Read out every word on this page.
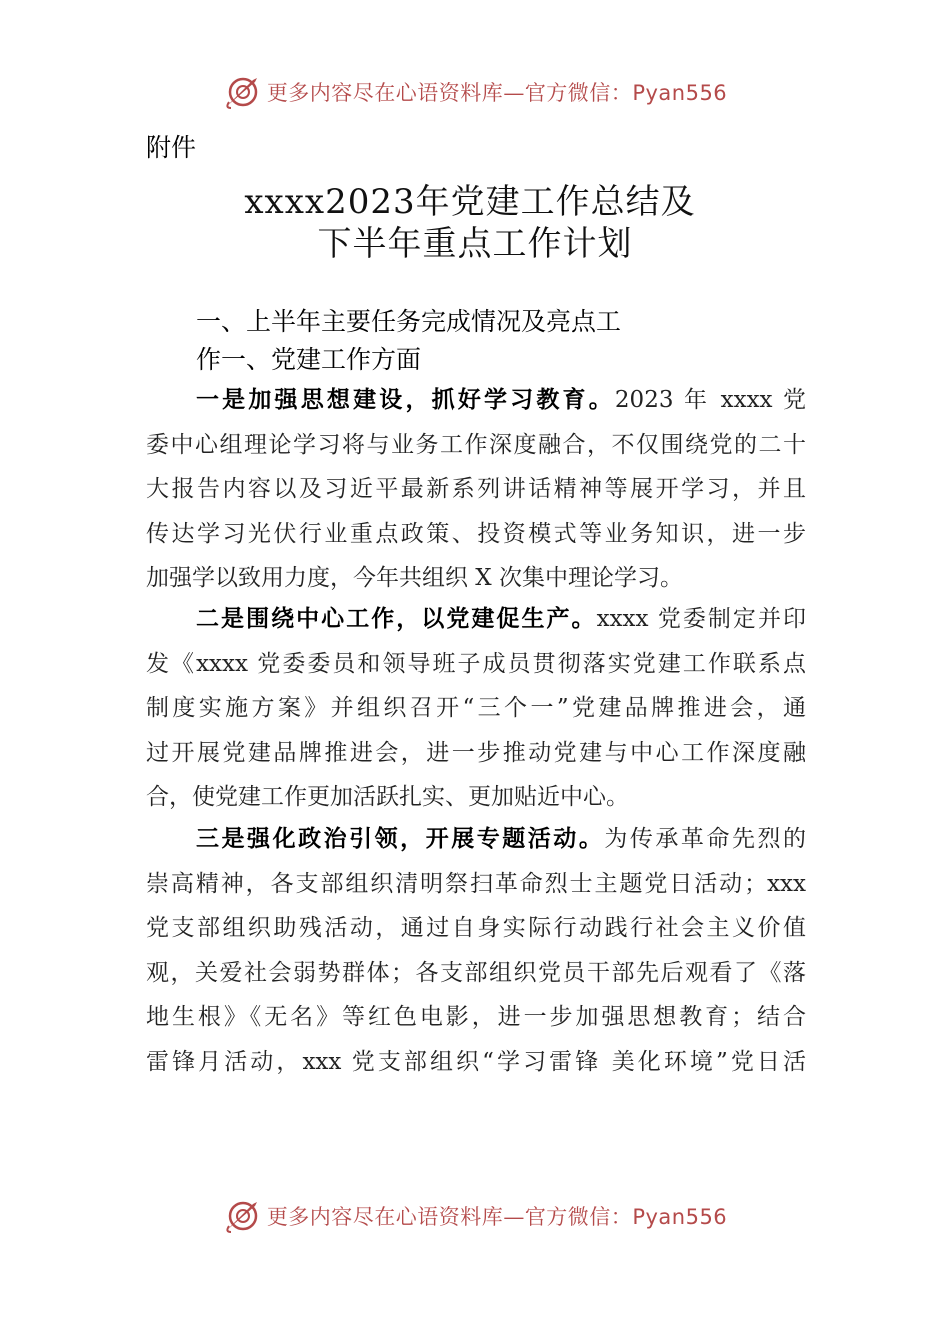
更多内容尽在心语资料库—官方微信：Pyan556
附件
xxxx2023年党建工作总结及
下半年重点工作计划
一、上半年主要任务完成情况及亮点工
作一、党建工作方面
一是加强思想建设，抓好学习教育。2023 年 xxxx 党
委中心组理论学习将与业务工作深度融合，不仅围绕党的二十
大报告内容以及习近平最新系列讲话精神等展开学习，并且
传达学习光伏行业重点政策、投资模式等业务知识，进一步
加强学以致用力度，今年共组织 X 次集中理论学习。
二是围绕中心工作，以党建促生产。xxxx 党委制定并印
发《xxxx 党委委员和领导班子成员贯彻落实党建工作联系点
制度实施方案》并组织召开“三个一”党建品牌推进会，通
过开展党建品牌推进会，进一步推动党建与中心工作深度融
合，使党建工作更加活跃扎实、更加贴近中心。
三是强化政治引领，开展专题活动。为传承革命先烈的
崇高精神，各支部组织清明祭扫革命烈士主题党日活动；xxx
党支部组织助残活动，通过自身实际行动践行社会主义价值
观，关爱社会弱势群体；各支部组织党员干部先后观看了《落
地生根》《无名》等红色电影，进一步加强思想教育；结合
雷锋月活动，xxx 党支部组织“学习雷锋 美化环境”党日活
更多内容尽在心语资料库—官方微信：Pyan556
